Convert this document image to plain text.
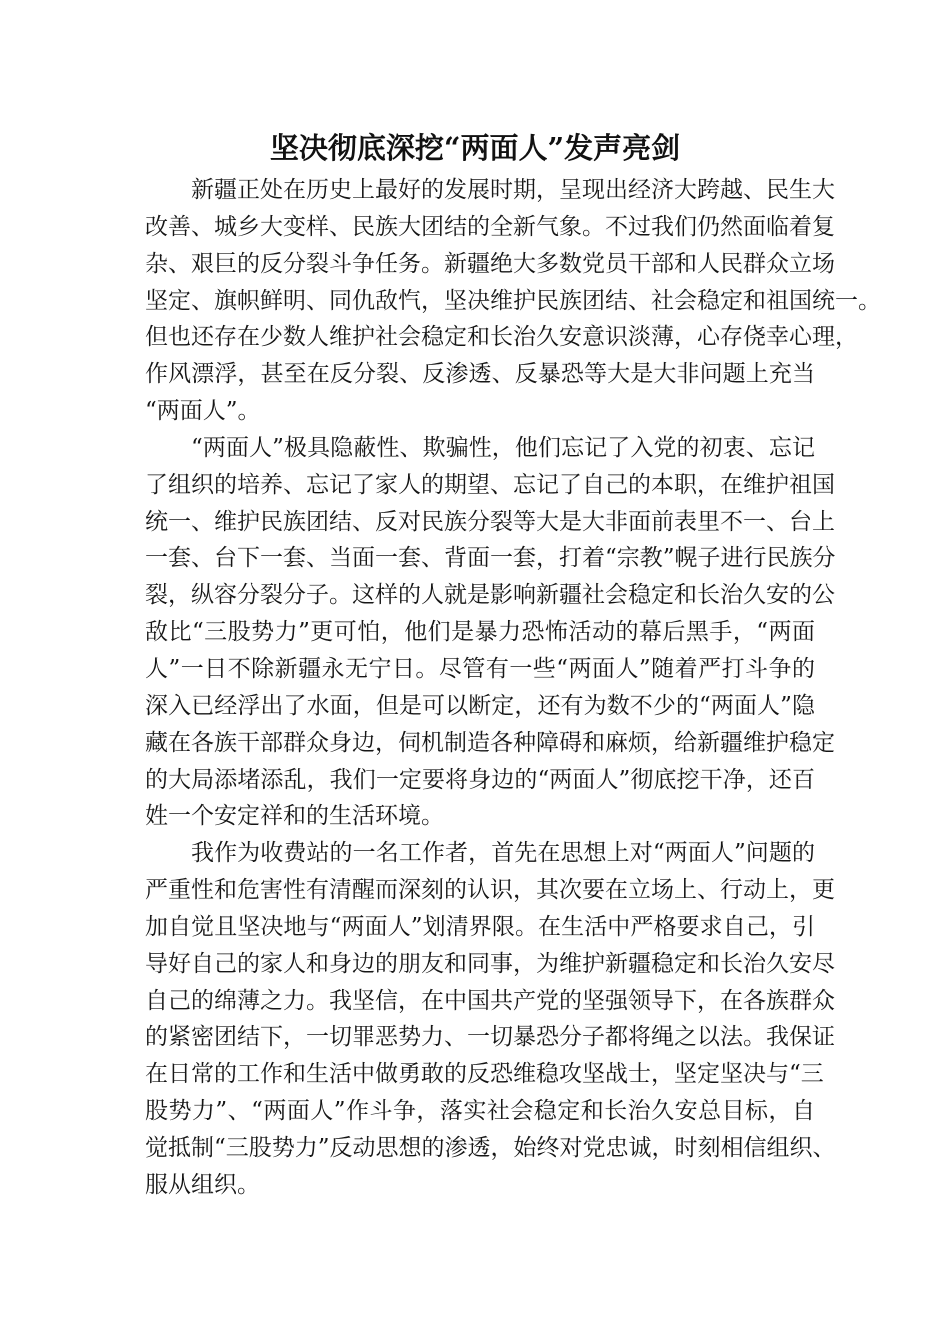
坚决彻底深挖“两面人”发声亮剑
新疆正处在历史上最好的发展时期，呈现出经济大跨越、民生大
改善、城乡大变样、民族大团结的全新气象。不过我们仍然面临着复
杂、艰巨的反分裂斗争任务。新疆绝大多数党员干部和人民群众立场
坚定、旗帜鲜明、同仇敌忾，坚决维护民族团结、社会稳定和祖国统一。
但也还存在少数人维护社会稳定和长治久安意识淡薄，心存侥幸心理，
作风漂浮，甚至在反分裂、反渗透、反暴恐等大是大非问题上充当
“两面人”。
“两面人”极具隐蔽性、欺骗性，他们忘记了入党的初衷、忘记
了组织的培养、忘记了家人的期望、忘记了自己的本职，在维护祖国
统一、维护民族团结、反对民族分裂等大是大非面前表里不一、台上
一套、台下一套、当面一套、背面一套，打着“宗教”幌子进行民族分
裂，纵容分裂分子。这样的人就是影响新疆社会稳定和长治久安的公
敌比“三股势力”更可怕，他们是暴力恐怖活动的幕后黑手，“两面
人”一日不除新疆永无宁日。尽管有一些“两面人”随着严打斗争的
深入已经浮出了水面，但是可以断定，还有为数不少的“两面人”隐
藏在各族干部群众身边，伺机制造各种障碍和麻烦，给新疆维护稳定
的大局添堵添乱，我们一定要将身边的“两面人”彻底挖干净，还百
姓一个安定祥和的生活环境。
我作为收费站的一名工作者，首先在思想上对“两面人”问题的
严重性和危害性有清醒而深刻的认识，其次要在立场上、行动上，更
加自觉且坚决地与“两面人”划清界限。在生活中严格要求自己，引
导好自己的家人和身边的朋友和同事，为维护新疆稳定和长治久安尽
自己的绵薄之力。我坚信，在中国共产党的坚强领导下，在各族群众
的紧密团结下，一切罪恶势力、一切暴恐分子都将绳之以法。我保证
在日常的工作和生活中做勇敢的反恐维稳攻坚战士，坚定坚决与“三
股势力”、“两面人”作斗争，落实社会稳定和长治久安总目标，自
觉抵制“三股势力”反动思想的渗透，始终对党忠诚，时刻相信组织、
服从组织。
